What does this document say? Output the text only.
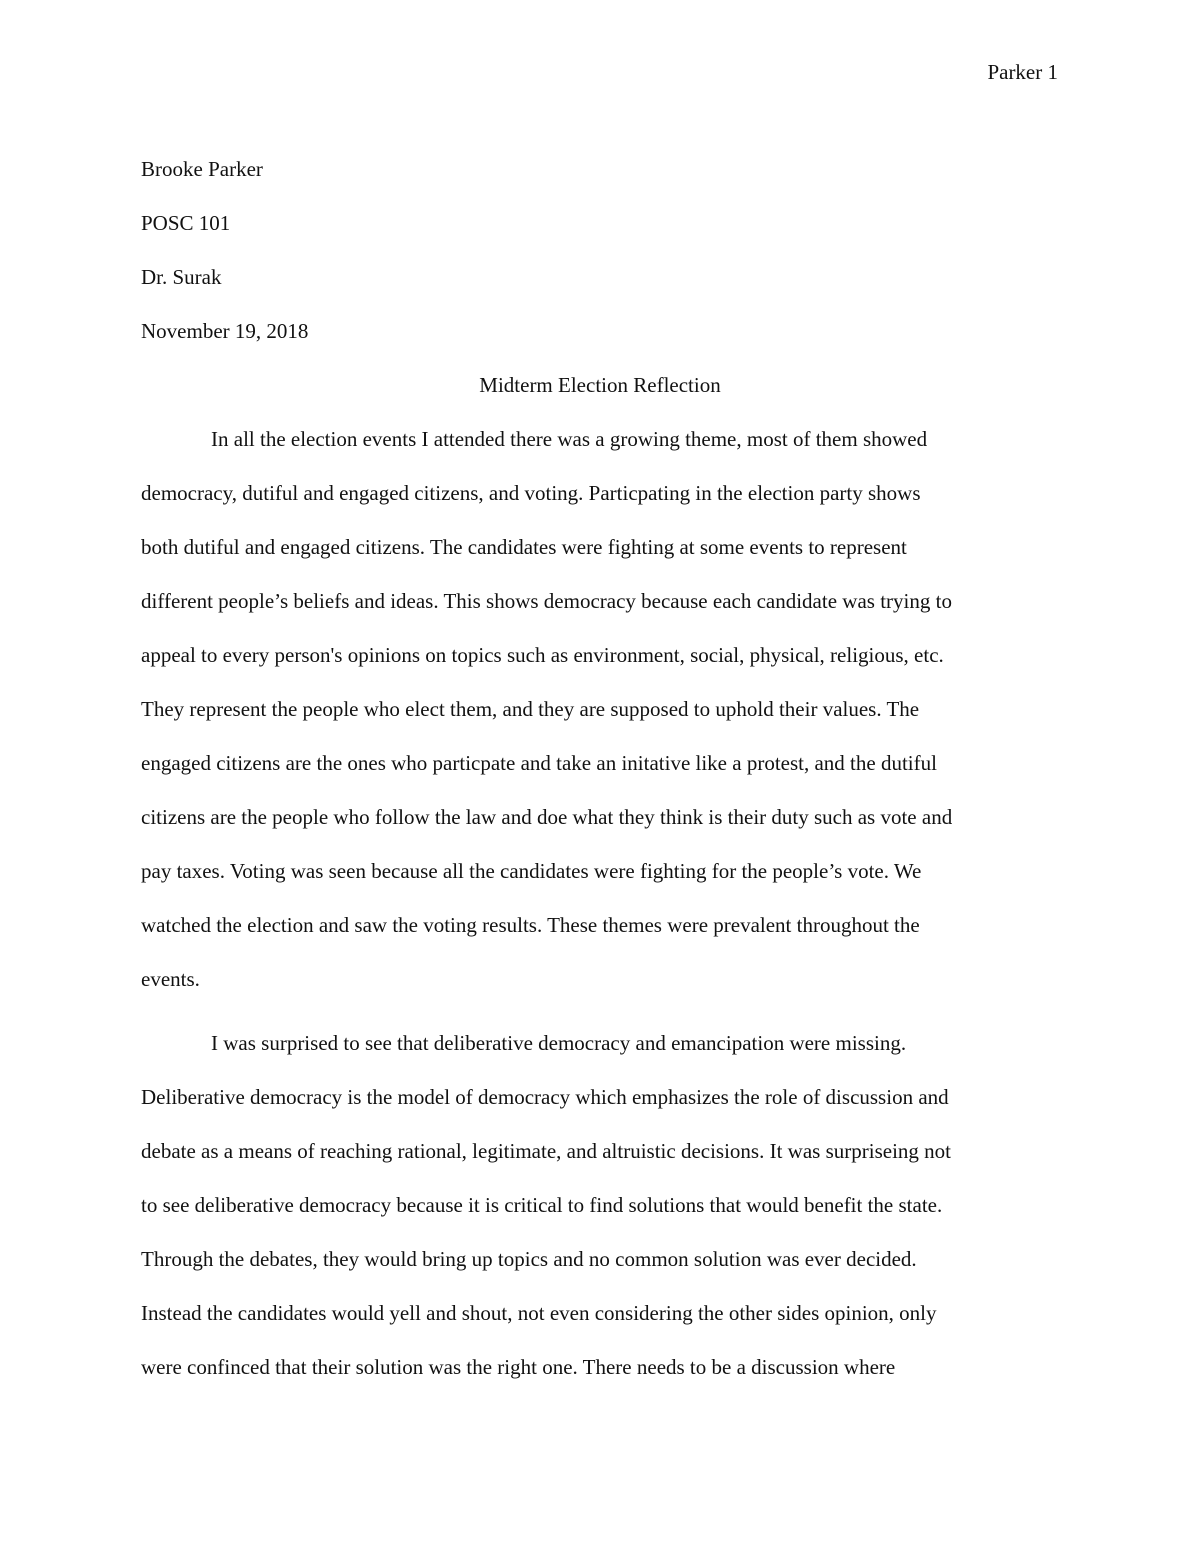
Parker 1
Brooke Parker
POSC 101
Dr. Surak
November 19, 2018
Midterm Election Reflection
In all the election events I attended there was a growing theme, most of them showed
democracy, dutiful and engaged citizens, and voting. Particpating in the election party shows
both dutiful and engaged citizens. The candidates were fighting at some events to represent
different people’s beliefs and ideas. This shows democracy because each candidate was trying to
appeal to every person's opinions on topics such as environment, social, physical, religious, etc.
They represent the people who elect them, and they are supposed to uphold their values. The
engaged citizens are the ones who particpate and take an initative like a protest, and the dutiful
citizens are the people who follow the law and doe what they think is their duty such as vote and
pay taxes. Voting was seen because all the candidates were fighting for the people’s vote. We
watched the election and saw the voting results. These themes were prevalent throughout the
events.
I was surprised to see that deliberative democracy and emancipation were missing.
Deliberative democracy is the model of democracy which emphasizes the role of discussion and
debate as a means of reaching rational, legitimate, and altruistic decisions. It was surpriseing not
to see deliberative democracy because it is critical to find solutions that would benefit the state.
Through the debates, they would bring up topics and no common solution was ever decided.
Instead the candidates would yell and shout, not even considering the other sides opinion, only
were confinced that their solution was the right one. There needs to be a discussion where
